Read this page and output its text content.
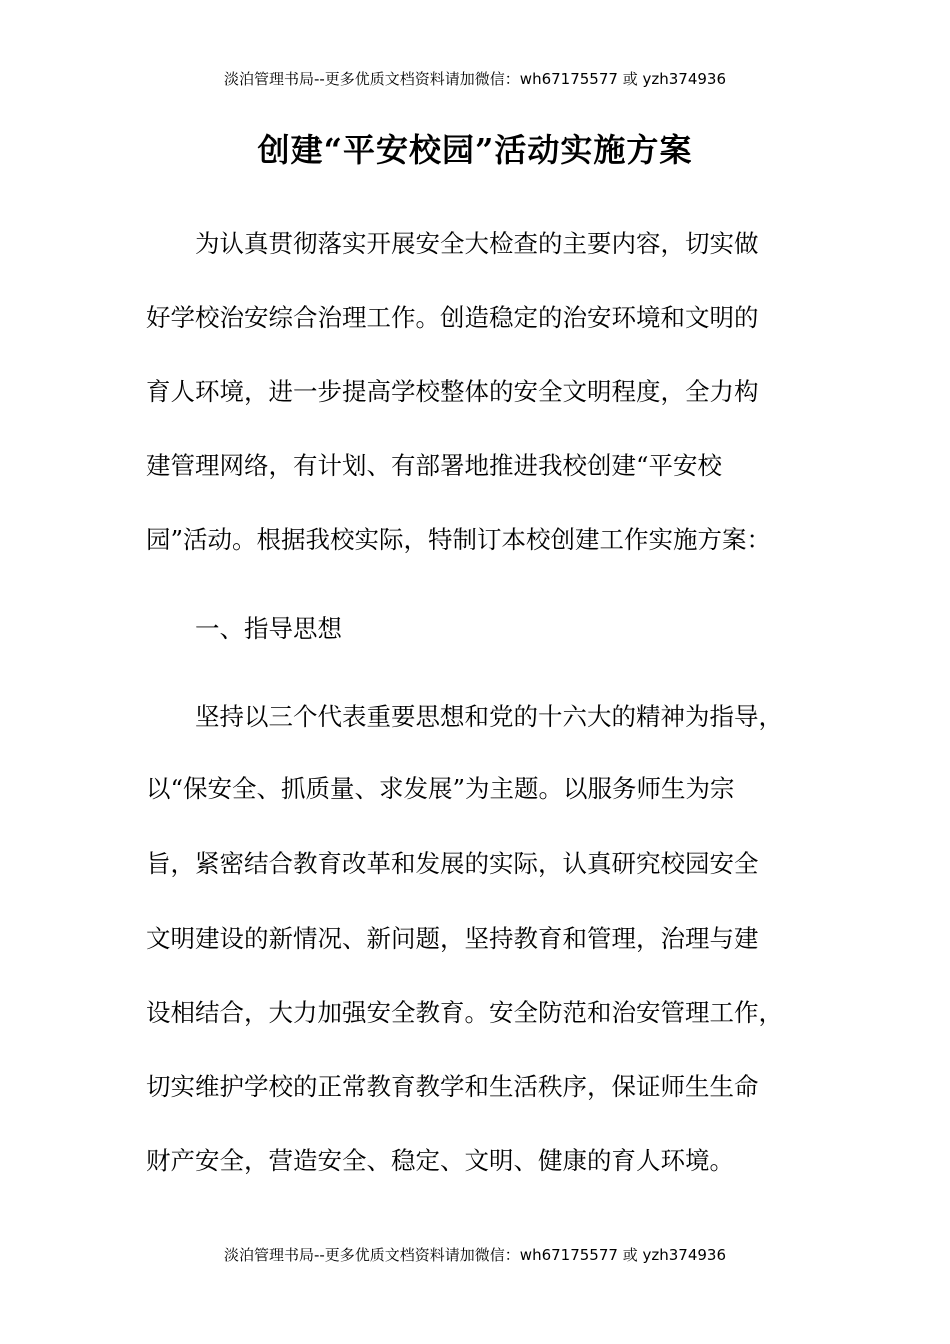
淡泊管理书局--更多优质文档资料请加微信：wh67175577 或 yzh374936
创建“平安校园”活动实施方案
为认真贯彻落实开展安全大检查的主要内容，切实做
好学校治安综合治理工作。创造稳定的治安环境和文明的
育人环境，进一步提高学校整体的安全文明程度，全力构
建管理网络，有计划、有部署地推进我校创建“平安校
园”活动。根据我校实际，特制订本校创建工作实施方案：
一、指导思想
坚持以三个代表重要思想和党的十六大的精神为指导，
以“保安全、抓质量、求发展”为主题。以服务师生为宗
旨，紧密结合教育改革和发展的实际，认真研究校园安全
文明建设的新情况、新问题，坚持教育和管理，治理与建
设相结合，大力加强安全教育。安全防范和治安管理工作，
切实维护学校的正常教育教学和生活秩序，保证师生生命
财产安全，营造安全、稳定、文明、健康的育人环境。
淡泊管理书局--更多优质文档资料请加微信：wh67175577 或 yzh374936
